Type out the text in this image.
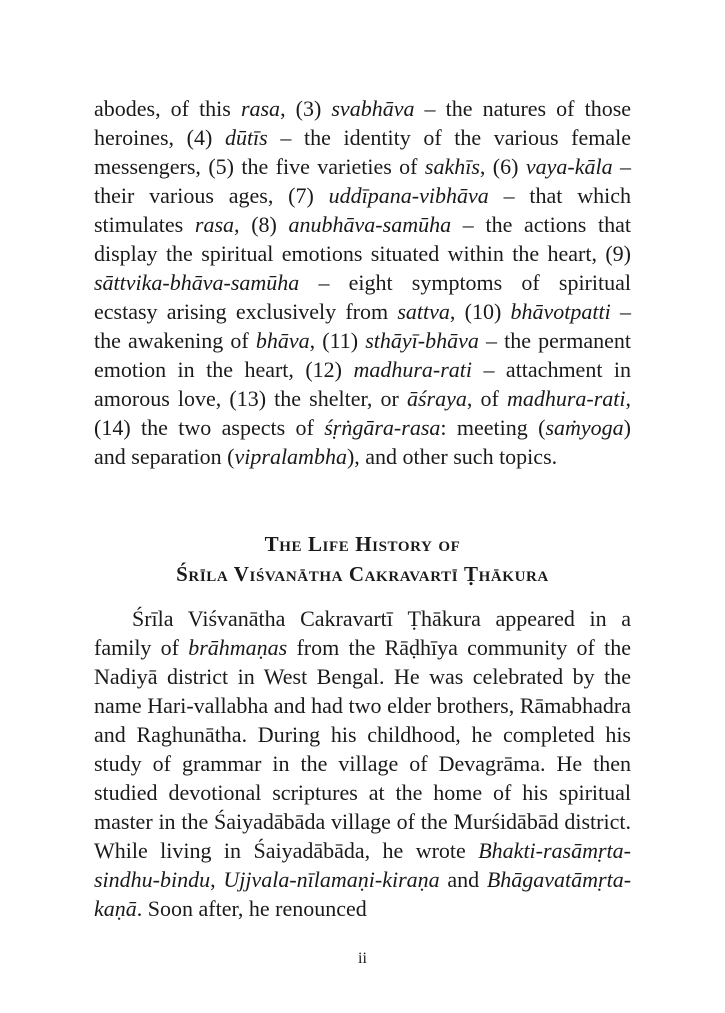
abodes, of this rasa, (3) svabhāva – the natures of those heroines, (4) dūtīs – the identity of the various female messengers, (5) the five varieties of sakhīs, (6) vaya-kāla – their various ages, (7) uddīpana-vibhāva – that which stimulates rasa, (8) anubhāva-samūha – the actions that display the spiritual emotions situated within the heart, (9) sāttvika-bhāva-samūha – eight symptoms of spiritual ecstasy arising exclusively from sattva, (10) bhāvotpatti – the awakening of bhāva, (11) sthāyī-bhāva – the permanent emotion in the heart, (12) madhura-rati – attachment in amorous love, (13) the shelter, or āśraya, of madhura-rati, (14) the two aspects of śṛṅgāra-rasa: meeting (saṁyoga) and separation (vipralambha), and other such topics.

The Life History of
Śrīla Viśvanātha Cakravartī Ṭhākura

Śrīla Viśvanātha Cakravartī Ṭhākura appeared in a family of brāhmaṇas from the Rāḍhīya community of the Nadiyā district in West Bengal. He was celebrated by the name Hari-vallabha and had two elder brothers, Rāmabhadra and Raghunātha. During his childhood, he completed his study of grammar in the village of Devagrāma. He then studied devotional scriptures at the home of his spiritual master in the Śaiyadābāda village of the Murśidābād district. While living in Śaiyadābāda, he wrote Bhakti-rasāmṛta-sindhu-bindu, Ujjvala-nīlamaṇi-kiraṇa and Bhāgavatāmṛta-kaṇā. Soon after, he renounced

ii
